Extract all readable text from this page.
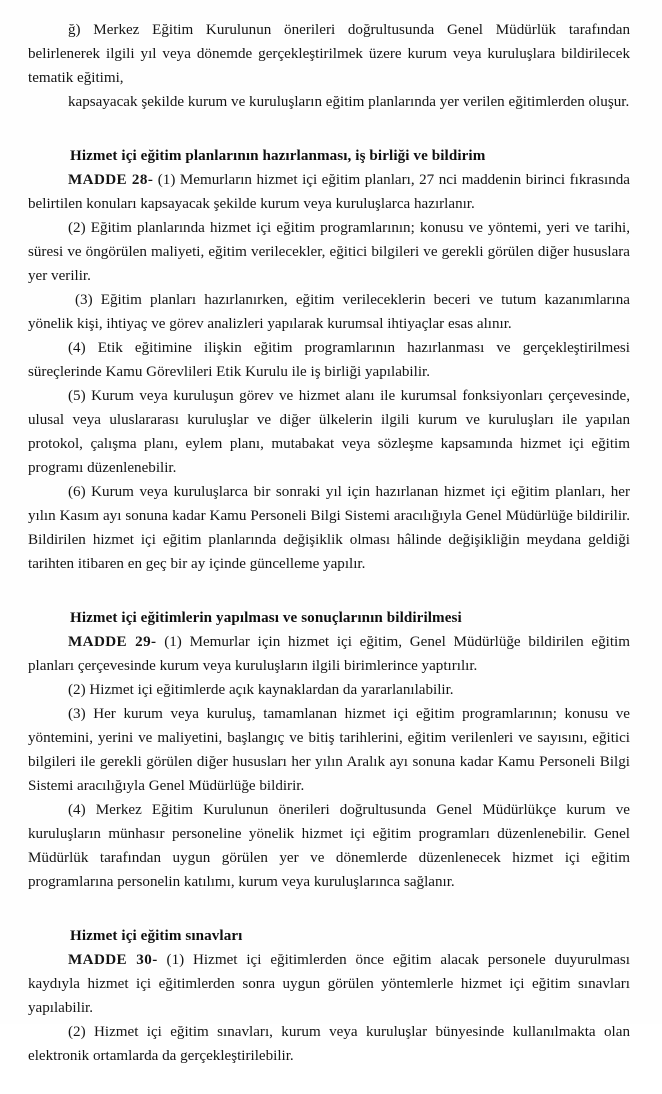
ğ) Merkez Eğitim Kurulunun önerileri doğrultusunda Genel Müdürlük tarafından belirlenerek ilgili yıl veya dönemde gerçekleştirilmek üzere kurum veya kuruluşlara bildirilecek tematik eğitimi,

kapsayacak şekilde kurum ve kuruluşların eğitim planlarında yer verilen eğitimlerden oluşur.

Hizmet içi eğitim planlarının hazırlanması, iş birliği ve bildirim

MADDE 28- (1) Memurların hizmet içi eğitim planları, 27 nci maddenin birinci fıkrasında belirtilen konuları kapsayacak şekilde kurum veya kuruluşlarca hazırlanır.

(2) Eğitim planlarında hizmet içi eğitim programlarının; konusu ve yöntemi, yeri ve tarihi, süresi ve öngörülen maliyeti, eğitim verilecekler, eğitici bilgileri ve gerekli görülen diğer hususlara yer verilir.

(3) Eğitim planları hazırlanırken, eğitim verileceklerin beceri ve tutum kazanımlarına yönelik kişi, ihtiyaç ve görev analizleri yapılarak kurumsal ihtiyaçlar esas alınır.

(4) Etik eğitimine ilişkin eğitim programlarının hazırlanması ve gerçekleştirilmesi süreçlerinde Kamu Görevlileri Etik Kurulu ile iş birliği yapılabilir.

(5) Kurum veya kuruluşun görev ve hizmet alanı ile kurumsal fonksiyonları çerçevesinde, ulusal veya uluslararası kuruluşlar ve diğer ülkelerin ilgili kurum ve kuruluşları ile yapılan protokol, çalışma planı, eylem planı, mutabakat veya sözleşme kapsamında hizmet içi eğitim programı düzenlenebilir.

(6) Kurum veya kuruluşlarca bir sonraki yıl için hazırlanan hizmet içi eğitim planları, her yılın Kasım ayı sonuna kadar Kamu Personeli Bilgi Sistemi aracılığıyla Genel Müdürlüğe bildirilir. Bildirilen hizmet içi eğitim planlarında değişiklik olması hâlinde değişikliğin meydana geldiği tarihten itibaren en geç bir ay içinde güncelleme yapılır.

Hizmet içi eğitimlerin yapılması ve sonuçlarının bildirilmesi

MADDE 29- (1) Memurlar için hizmet içi eğitim, Genel Müdürlüğe bildirilen eğitim planları çerçevesinde kurum veya kuruluşların ilgili birimlerince yaptırılır.

(2) Hizmet içi eğitimlerde açık kaynaklardan da yararlanılabilir.

(3) Her kurum veya kuruluş, tamamlanan hizmet içi eğitim programlarının; konusu ve yöntemini, yerini ve maliyetini, başlangıç ve bitiş tarihlerini, eğitim verilenleri ve sayısını, eğitici bilgileri ile gerekli görülen diğer hususları her yılın Aralık ayı sonuna kadar Kamu Personeli Bilgi Sistemi aracılığıyla Genel Müdürlüğe bildirir.

(4) Merkez Eğitim Kurulunun önerileri doğrultusunda Genel Müdürlükçe kurum ve kuruluşların münhasır personeline yönelik hizmet içi eğitim programları düzenlenebilir. Genel Müdürlük tarafından uygun görülen yer ve dönemlerde düzenlenecek hizmet içi eğitim programlarına personelin katılımı, kurum veya kuruluşlarınca sağlanır.

Hizmet içi eğitim sınavları

MADDE 30- (1) Hizmet içi eğitimlerden önce eğitim alacak personele duyurulması kaydıyla hizmet içi eğitimlerden sonra uygun görülen yöntemlerle hizmet içi eğitim sınavları yapılabilir.

(2) Hizmet içi eğitim sınavları, kurum veya kuruluşlar bünyesinde kullanılmakta olan elektronik ortamlarda da gerçekleştirilebilir.
